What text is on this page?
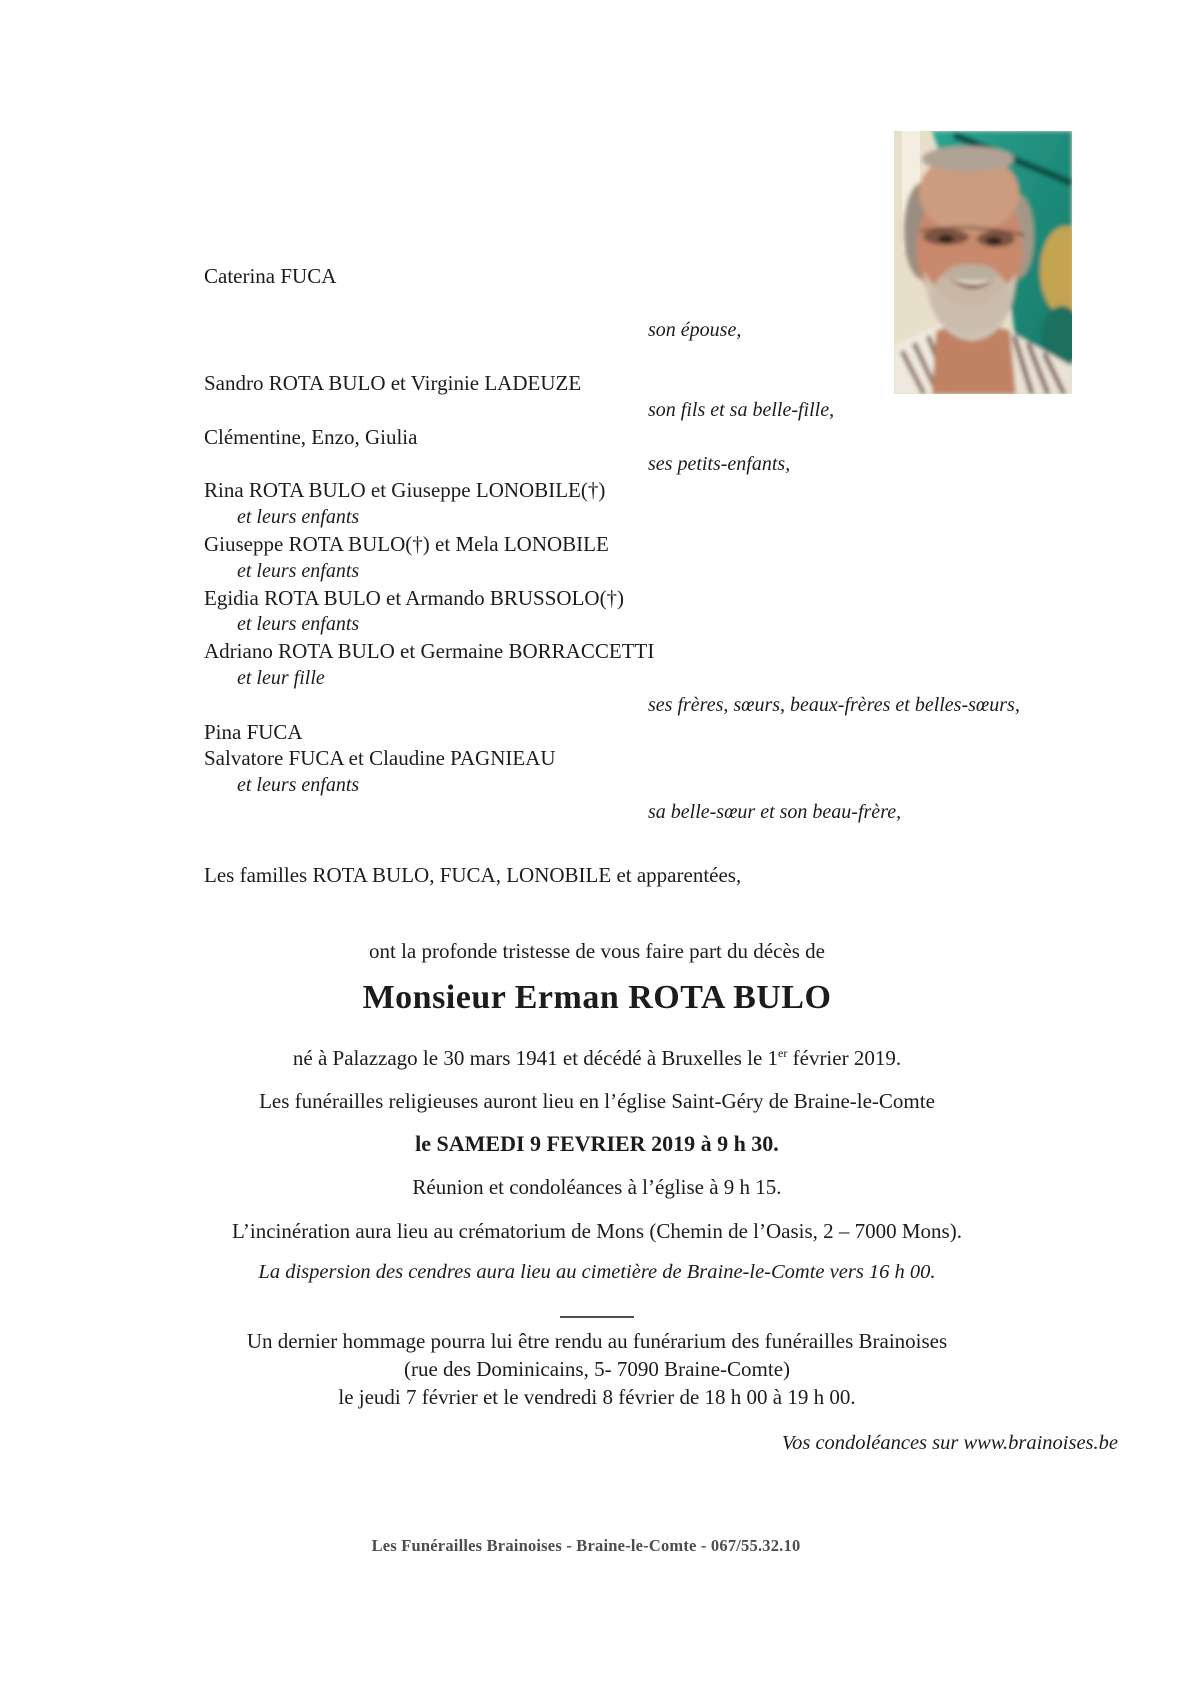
Caterina FUCA
son épouse,
Sandro ROTA BULO et Virginie LADEUZE
son fils et sa belle-fille,
Clémentine, Enzo, Giulia
ses petits-enfants,
Rina ROTA BULO et Giuseppe LONOBILE(†)
et leurs enfants
Giuseppe ROTA BULO(†) et Mela LONOBILE
et leurs enfants
Egidia ROTA BULO et Armando BRUSSOLO(†)
et leurs enfants
Adriano ROTA BULO et Germaine BORRACCETTI
et leur fille
ses frères, sœurs, beaux-frères et belles-sœurs,
Pina FUCA
Salvatore FUCA et Claudine PAGNIEAU
et leurs enfants
sa belle-sœur et son beau-frère,
Les familles ROTA BULO, FUCA, LONOBILE et apparentées,
ont la profonde tristesse de vous faire part du décès de
Monsieur Erman ROTA BULO
né à Palazzago le 30 mars 1941 et décédé à Bruxelles le 1er février 2019.
Les funérailles religieuses auront lieu en l’église Saint-Géry de Braine-le-Comte
le SAMEDI 9 FEVRIER 2019 à 9 h 30.
Réunion et condoléances à l’église à 9 h 15.
L’incinération aura lieu au crématorium de Mons (Chemin de l’Oasis, 2 – 7000 Mons).
La dispersion des cendres aura lieu au cimetière de Braine-le-Comte vers 16 h 00.
Un dernier hommage pourra lui être rendu au funérarium des funérailles Brainoises
(rue des Dominicains, 5- 7090 Braine-Comte)
le jeudi 7 février et le vendredi 8 février de 18 h 00 à 19 h 00.
Vos condoléances sur www.brainoises.be
Les Funérailles Brainoises - Braine-le-Comte - 067/55.32.10
